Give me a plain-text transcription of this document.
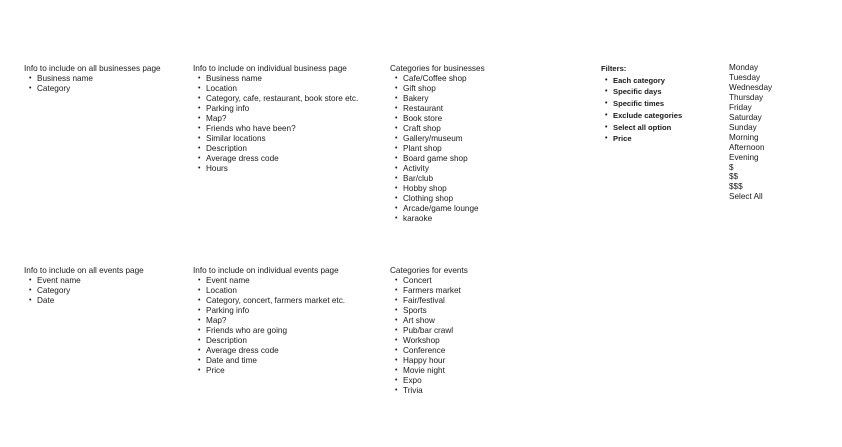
Info to include on all businesses page
• Business name
• Category
Info to include on individual business page
• Business name
• Location
• Category, cafe, restaurant, book store etc.
• Parking info
• Map?
• Friends who have been?
• Similar locations
• Description
• Average dress code
• Hours
Categories for businesses
• Cafe/Coffee shop
• Gift shop
• Bakery
• Restaurant
• Book store
• Craft shop
• Gallery/museum
• Plant shop
• Board game shop
• Activity
• Bar/club
• Hobby shop
• Clothing shop
• Arcade/game lounge
• karaoke
Filters:
• Each category
• Specific days
• Specific times
• Exclude categories
• Select all option
• Price
Monday
Tuesday
Wednesday
Thursday
Friday
Saturday
Sunday
Morning
Afternoon
Evening
$
$$
$$$
Select All
Info to include on all events page
• Event name
• Category
• Date
Info to include on individual events page
• Event name
• Location
• Category, concert, farmers market etc.
• Parking info
• Map?
• Friends who are going
• Description
• Average dress code
• Date and time
• Price
Categories for events
• Concert
• Farmers market
• Fair/festival
• Sports
• Art show
• Pub/bar crawl
• Workshop
• Conference
• Happy hour
• Movie night
• Expo
• Trivia
